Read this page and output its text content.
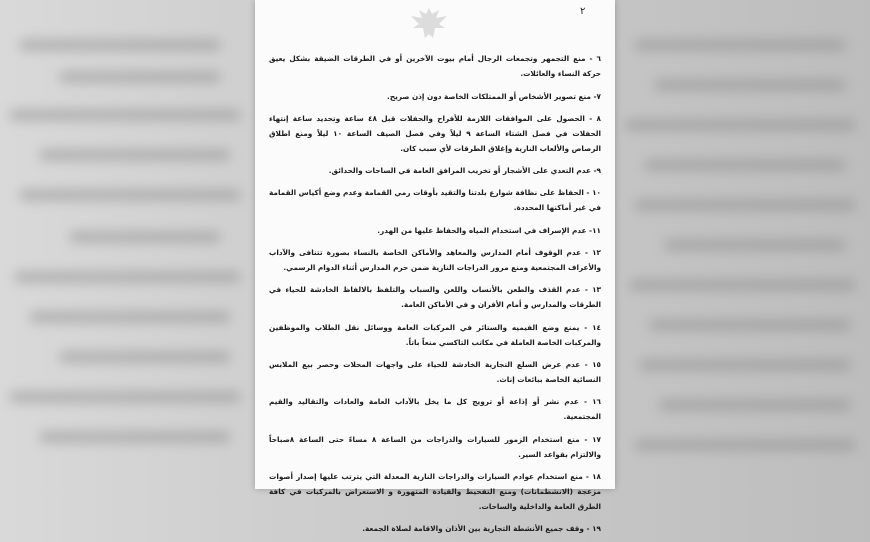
٢

٦ - منع التجمهر وتجمعات الرجال أمام بيوت الآخرين أو في الطرقات الضيقة بشكل يعيق حركة النساء والعائلات.

٧- منع تصوير الأشخاص أو الممتلكات الخاصة دون إذن صريح.

٨ - الحصول على الموافقات اللازمة للأفراح والحفلات قبل ٤٨ ساعة وتحديد ساعة إنتهاء الحفلات في فصل الشتاء الساعة ٩ ليلاً وفي فصل الصيف الساعة ١٠ ليلاً ومنع اطلاق الرصاص والألعاب النارية وإغلاق الطرقات لأي سبب كان.

٩- عدم التعدي على الأشجار أو تخريب المرافق العامة في الساحات والحدائق.

١٠ - الحفاظ على نظافة شوارع بلدتنا والتقيد بأوقات رمي القمامة وعدم وضع أكياس القمامة في غير أماكنها المحددة.

١١- عدم الإسراف في استخدام المياه والحفاظ عليها من الهدر.

١٢ - عدم الوقوف أمام المدارس والمعاهد والأماكن الخاصة بالنساء بصورة تتنافى والآداب والأعراف المجتمعية ومنع مرور الدراجات النارية ضمن حرم المدارس أثناء الدوام الرسمي.

١٣ - عدم القذف والطعن بالأنساب واللعن والسباب والتلفظ بالالفاظ الخادشة للحياء في الطرقات والمدارس و أمام الأفران و في الأماكن العامة.

١٤ - يمنع وضع الفيميه والستائر في المركبات العامة ووسائل نقل الطلاب والموظفين والمركبات الخاصة العاملة في مكاتب التاكسي منعاً باتاً.

١٥ - عدم عرض السلع التجارية الخادشة للحياء على واجهات المحلات وحصر بيع الملابس النسائية الخاصة ببائعات إناث.

١٦ - عدم نشر أو إذاعة أو ترويج كل ما يخل بالآداب العامة والعادات والتقاليد والقيم المجتمعية.

١٧ - منع استخدام الزمور للسيارات والدراجات من الساعة ٨ مساءً حتى الساعة ٨صباحاً والالتزام بقواعد السير.

١٨ - منع استخدام عوادم السيارات والدراجات النارية المعدلة التي يترتب عليها إصدار أصوات مزعجة (الانشطمانات) ومنع التفحيط والقيادة المتهورة و الاستعراض بالمركبات في كافة الطرق العامة والداخلية والساحات.

١٩ - وقف جميع الأنشطة التجارية بين الأذان والاقامة لصلاة الجمعة.
